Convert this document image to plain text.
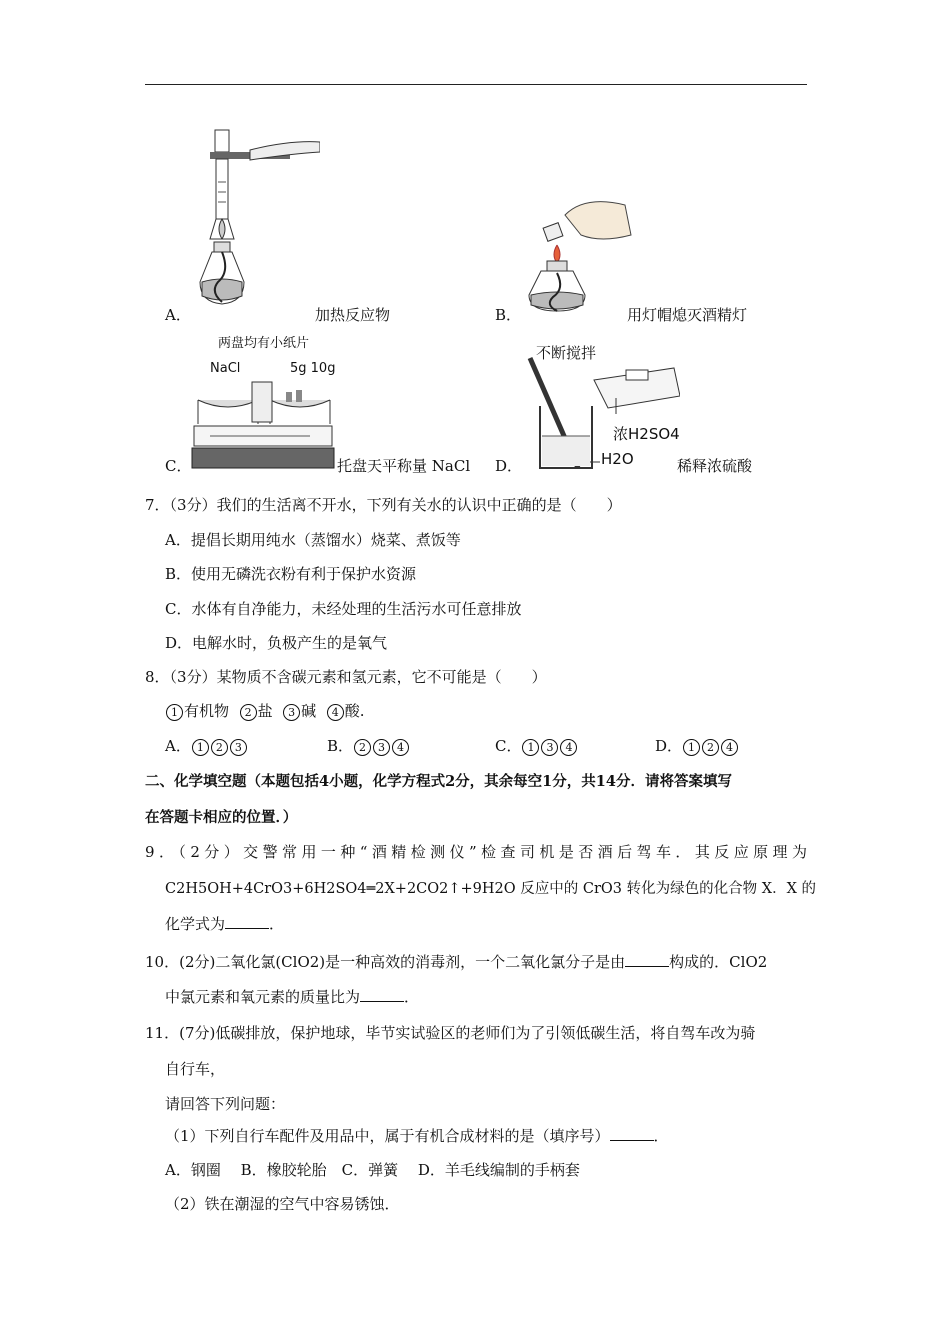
A．	加热反应物	B．	用灯帽熄灭酒精灯
两盘均有小纸片
NaCl	5g 10g
C．	托盘天平称量 NaCl
不断搅拌
浓H2SO4
H2O
D．	稀释浓硫酸
7．（3分）我们的生活离不开水，下列有关水的认识中正确的是（　　）
A．提倡长期用纯水（蒸馏水）烧菜、煮饭等
B．使用无磷洗衣粉有利于保护水资源
C．水体有自净能力，未经处理的生活污水可任意排放
D．电解水时，负极产生的是氧气
8．（3分）某物质不含碳元素和氢元素，它不可能是（　　）
1 有机物 2 盐 3 碱 4 酸.
A． 1 2 3	B． 2 3 4	C． 1 3 4	D． 1 2 4
二、化学填空题（本题包括4小题，化学方程式2分，其余每空1分，共14分．请将答案填写
在答题卡相应的位置．）
9．（2分）交警常用一种“酒精检测仪”检查司机是否酒后驾车．其反应原理为
C2H5OH+4CrO3+6H2SO4═2X+2CO2↑+9H2O 反应中的 CrO3 转化为绿色的化合物 X．X 的
化学式为	．
10．(2分)二氧化氯(ClO2)是一种高效的消毒剂，一个二氧化氯分子是由	构成的．ClO2
中氯元素和氧元素的质量比为	．
11．(7分)低碳排放，保护地球，毕节实试验区的老师们为了引领低碳生活，将自驾车改为骑
自行车，
请回答下列问题：
（1）下列自行车配件及用品中，属于有机合成材料的是（填序号）	．
A．钢圈　 B．橡胶轮胎　C．弹簧　 D．羊毛线编制的手柄套
（2）铁在潮湿的空气中容易锈蚀．
